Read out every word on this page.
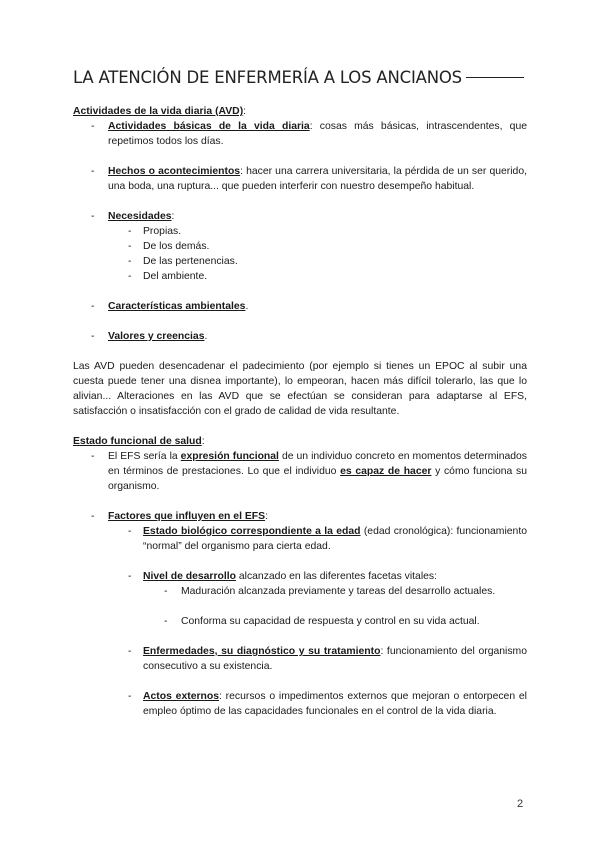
LA ATENCIÓN DE ENFERMERÍA A LOS ANCIANOS
Actividades de la vida diaria (AVD):
- Actividades básicas de la vida diaria: cosas más básicas, intrascendentes, que repetimos todos los días.
- Hechos o acontecimientos: hacer una carrera universitaria, la pérdida de un ser querido, una boda, una ruptura... que pueden interferir con nuestro desempeño habitual.
- Necesidades:
- Propias.
- De los demás.
- De las pertenencias.
- Del ambiente.
- Características ambientales.
- Valores y creencias.

Las AVD pueden desencadenar el padecimiento (por ejemplo si tienes un EPOC al subir una cuesta puede tener una disnea importante), lo empeoran, hacen más difícil tolerarlo, las que lo alivian... Alteraciones en las AVD que se efectúan se consideran para adaptarse al EFS, satisfacción o insatisfacción con el grado de calidad de vida resultante.

Estado funcional de salud:
- El EFS sería la expresión funcional de un individuo concreto en momentos determinados en términos de prestaciones. Lo que el individuo es capaz de hacer y cómo funciona su organismo.
- Factores que influyen en el EFS:
- Estado biológico correspondiente a la edad (edad cronológica): funcionamiento “normal” del organismo para cierta edad.
- Nivel de desarrollo alcanzado en las diferentes facetas vitales:
- Maduración alcanzada previamente y tareas del desarrollo actuales.
- Conforma su capacidad de respuesta y control en su vida actual.
- Enfermedades, su diagnóstico y su tratamiento: funcionamiento del organismo consecutivo a su existencia.
- Actos externos: recursos o impedimentos externos que mejoran o entorpecen el empleo óptimo de las capacidades funcionales en el control de la vida diaria.
2
